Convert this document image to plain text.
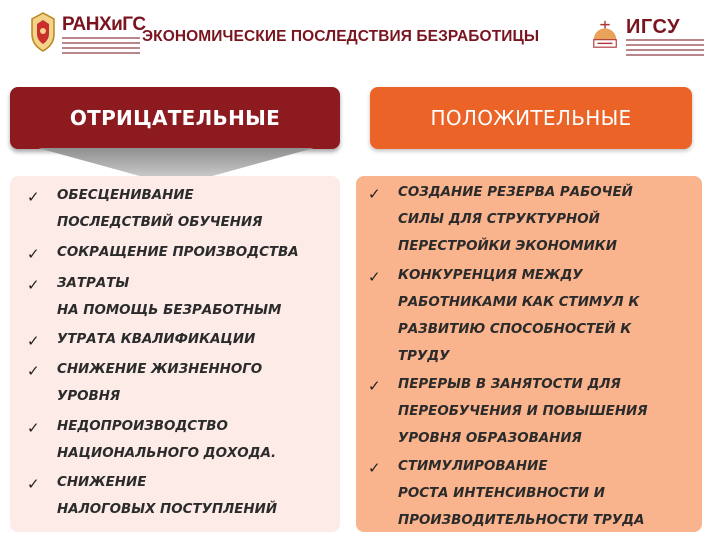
РАНХиГС
ЭКОНОМИЧЕСКИЕ ПОСЛЕДСТВИЯ БЕЗРАБОТИЦЫ	ИГСУ
ОТРИЦАТЕЛЬНЫЕ	ПОЛОЖИТЕЛЬНЫЕ
✓ ОБЕСЦЕНИВАНИЕ
ПОСЛЕДСТВИЙ ОБУЧЕНИЯ
✓ СОКРАЩЕНИЕ ПРОИЗВОДСТВА
✓ ЗАТРАТЫ
НА ПОМОЩЬ БЕЗРАБОТНЫМ
✓ УТРАТА КВАЛИФИКАЦИИ
✓ СНИЖЕНИЕ ЖИЗНЕННОГО
УРОВНЯ
✓ НЕДОПРОИЗВОДСТВО
НАЦИОНАЛЬНОГО ДОХОДА.
✓ СНИЖЕНИЕ
НАЛОГОВЫХ ПОСТУПЛЕНИЙ
✓ СОЗДАНИЕ РЕЗЕРВА РАБОЧЕЙ
СИЛЫ ДЛЯ СТРУКТУРНОЙ
ПЕРЕСТРОЙКИ ЭКОНОМИКИ
✓ КОНКУРЕНЦИЯ МЕЖДУ
РАБОТНИКАМИ КАК СТИМУЛ К
РАЗВИТИЮ СПОСОБНОСТЕЙ К
ТРУДУ
✓ ПЕРЕРЫВ В ЗАНЯТОСТИ ДЛЯ
ПЕРЕОБУЧЕНИЯ И ПОВЫШЕНИЯ
УРОВНЯ ОБРАЗОВАНИЯ
✓ СТИМУЛИРОВАНИЕ
РОСТА ИНТЕНСИВНОСТИ И
ПРОИЗВОДИТЕЛЬНОСТИ ТРУДА
